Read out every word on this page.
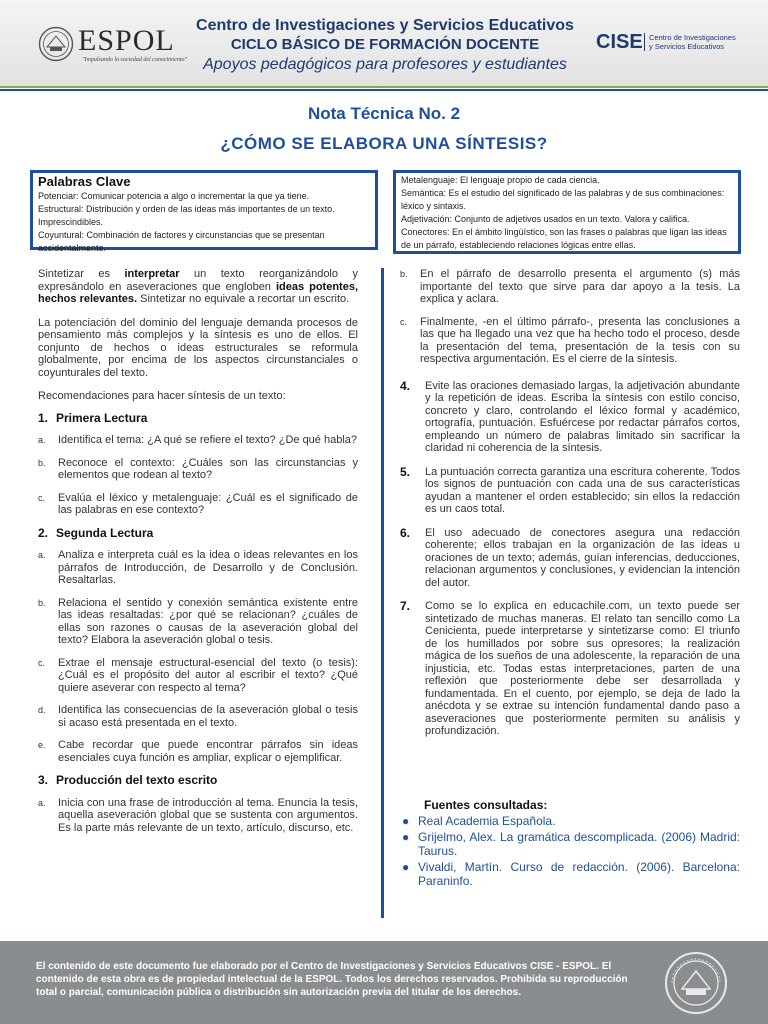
ESPOL
"Impulsando la sociedad del conocimiento"
Centro de Investigaciones y Servicios Educativos
CICLO BÁSICO DE FORMACIÓN DOCENTE
Apoyos pedagógicos para profesores y estudiantes
CISE Centro de Investigaciones
y Servicios Educativos
Nota Técnica No. 2
¿CÓMO SE ELABORA UNA SÍNTESIS?
Palabras Clave
Potenciar: Comunicar potencia a algo o incrementar la que ya tiene.
Estructural: Distribución y orden de las ideas más importantes de un texto. Imprescindibles.
Coyuntural: Combinación de factores y circunstancias que se presentan accidentalmente.
Metalenguaje: El lenguaje propio de cada ciencia.
Semántica: Es el estudio del significado de las palabras y de sus combinaciones: léxico y sintaxis.
Adjetivación: Conjunto de adjetivos usados en un texto. Valora y califica.
Conectores: En el ámbito lingüístico, son las frases o palabras que ligan las ideas de un párrafo, estableciendo relaciones lógicas entre ellas.

Sintetizar es interpretar un texto reorganizándolo y expresándolo en aseveraciones que engloben ideas potentes, hechos relevantes. Sintetizar no equivale a recortar un escrito.

La potenciación del dominio del lenguaje demanda procesos de pensamiento más complejos y la síntesis es uno de ellos. El conjunto de hechos o ideas estructurales se reformula globalmente, por encima de los aspectos circunstanciales o coyunturales del texto.

Recomendaciones para hacer síntesis de un texto:

1. Primera Lectura
a. Identifica el tema: ¿A qué se refiere el texto? ¿De qué habla?
b. Reconoce el contexto: ¿Cuáles son las circunstancias y elementos que rodean al texto?
c. Evalúa el léxico y metalenguaje: ¿Cuál es el significado de las palabras en ese contexto?
2. Segunda Lectura
a. Analiza e interpreta cuál es la idea o ideas relevantes en los párrafos de Introducción, de Desarrollo y de Conclusión. Resaltarlas.
b. Relaciona el sentido y conexión semántica existente entre las ideas resaltadas: ¿por qué se relacionan? ¿cuáles de ellas son razones o causas de la aseveración global del texto? Elabora la aseveración global o tesis.
c. Extrae el mensaje estructural-esencial del texto (o tesis): ¿Cuál es el propósito del autor al escribir el texto? ¿Qué quiere aseverar con respecto al tema?
d. Identifica las consecuencias de la aseveración global o tesis si acaso está presentada en el texto.
e. Cabe recordar que puede encontrar párrafos sin ideas esenciales cuya función es ampliar, explicar o ejemplificar.
3. Producción del texto escrito
a. Inicia con una frase de introducción al tema. Enuncia la tesis, aquella aseveración global que se sustenta con argumentos. Es la parte más relevante de un texto, artículo, discurso, etc.
b. En el párrafo de desarrollo presenta el argumento (s) más importante del texto que sirve para dar apoyo a la tesis. La explica y aclara.
c. Finalmente, -en el último párrafo-, presenta las conclusiones a las que ha llegado una vez que ha hecho todo el proceso, desde la presentación del tema, presentación de la tesis con su respectiva argumentación. Es el cierre de la síntesis.
4. Evite las oraciones demasiado largas, la adjetivación abundante y la repetición de ideas. Escriba la síntesis con estilo conciso, concreto y claro, controlando el léxico formal y académico, ortografía, puntuación. Esfuércese por redactar párrafos cortos, empleando un número de palabras limitado sin sacrificar la claridad ni coherencia de la síntesis.
5. La puntuación correcta garantiza una escritura coherente. Todos los signos de puntuación con cada una de sus características ayudan a mantener el orden establecido; sin ellos la redacción es un caos total.
6. El uso adecuado de conectores asegura una redacción coherente; ellos trabajan en la organización de las ideas u oraciones de un texto; además, guían inferencias, deducciones, relacionan argumentos y conclusiones, y evidencian la intención del autor.
7. Como se lo explica en educachile.com, un texto puede ser sintetizado de muchas maneras. El relato tan sencillo como La Cenicienta, puede interpretarse y sintetizarse como: El triunfo de los humillados por sobre sus opresores; la realización mágica de los sueños de una adolescente, la reparación de una injusticia, etc. Todas estas interpretaciones, parten de una reflexión que posteriormente debe ser desarrollada y fundamentada. En el cuento, por ejemplo, se deja de lado la anécdota y se extrae su intención fundamental dando paso a aseveraciones que posteriormente permiten su análisis y profundización.
Fuentes consultadas:
● Real Academia Española.
● Grijelmo, Alex. La gramática descomplicada. (2006) Madrid: Taurus.
● Vivaldi, Martín. Curso de redacción. (2006). Barcelona: Paraninfo.
El contenido de este documento fue elaborado por el Centro de Investigaciones y Servicios Educativos CISE - ESPOL. El contenido de esta obra es de propiedad intelectual de la ESPOL. Todos los derechos reservados. Prohibida su reproducción total o parcial, comunicación pública o distribución sin autorización previa del titular de los derechos.
